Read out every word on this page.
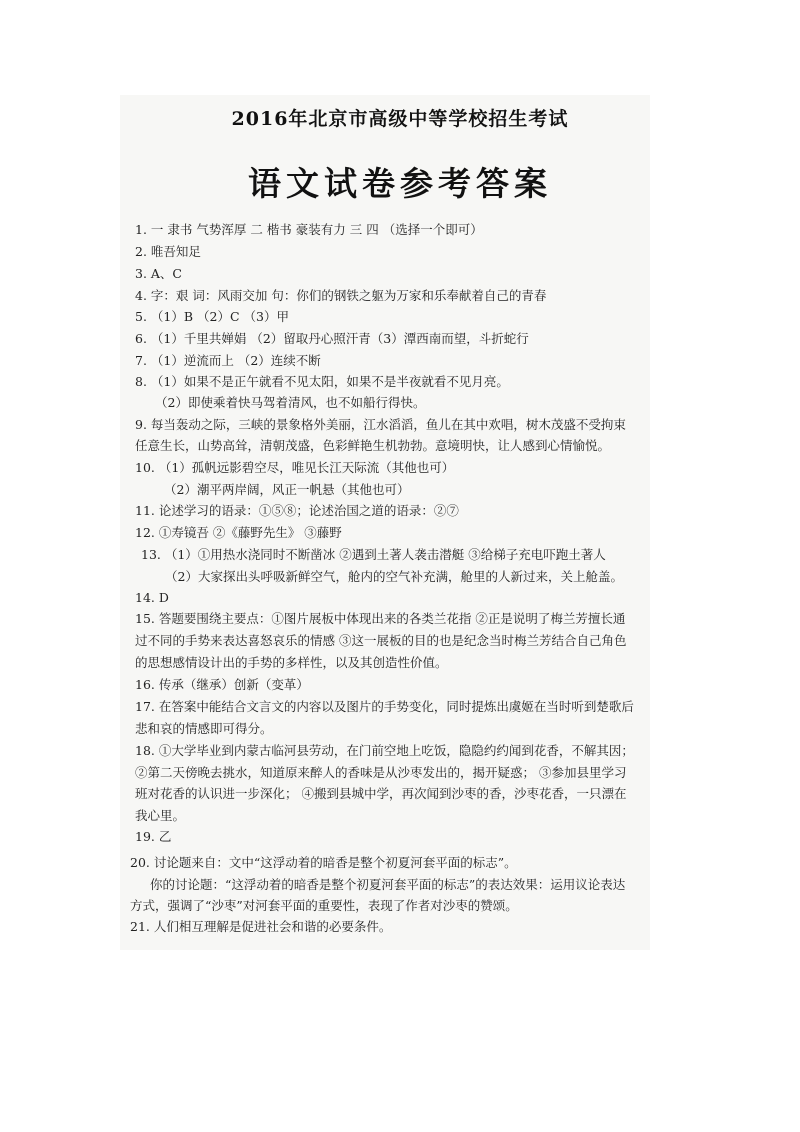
2016年北京市高级中等学校招生考试
语文试卷参考答案
1. 一 隶书 气势浑厚 二 楷书 豪装有力 三 四 （选择一个即可）
2. 唯吾知足
3. A、C
4. 字：艰 词：风雨交加 句：你们的钢铁之躯为万家和乐奉献着自己的青春
5. （1）B （2）C （3）甲
6. （1）千里共婵娟 （2）留取丹心照汗青（3）潭西南而望，斗折蛇行
7. （1）逆流而上 （2）连续不断
8. （1）如果不是正午就看不见太阳，如果不是半夜就看不见月亮。
（2）即使乘着快马驾着清风，也不如船行得快。
9. 每当轰动之际，三峡的景象格外美丽，江水滔滔，鱼儿在其中欢唱，树木茂盛不受拘束
任意生长，山势高耸，清朝茂盛，色彩鲜艳生机勃勃。意境明快，让人感到心情愉悦。
10. （1）孤帆远影碧空尽，唯见长江天际流（其他也可）
（2）潮平两岸阔，风正一帆悬（其他也可）
11. 论述学习的语录：①⑤⑧；论述治国之道的语录：②⑦
12. ①寿镜吾 ②《藤野先生》 ③藤野
13. （1）①用热水浇同时不断凿冰 ②遇到土著人袭击潜艇 ③给梯子充电吓跑土著人
（2）大家探出头呼吸新鲜空气，舱内的空气补充满，舱里的人新过来，关上舱盖。
14. D
15. 答题要围绕主要点：①图片展板中体现出来的各类兰花指 ②正是说明了梅兰芳擅长通
过不同的手势来表达喜怒哀乐的情感 ③这一展板的目的也是纪念当时梅兰芳结合自己角色
的思想感情设计出的手势的多样性，以及其创造性价值。
16. 传承（继承）创新（变革）
17. 在答案中能结合文言文的内容以及图片的手势变化，同时提炼出虞姬在当时听到楚歌后
悲和哀的情感即可得分。
18. ①大学毕业到内蒙古临河县劳动，在门前空地上吃饭，隐隐约约闻到花香，不解其因；
②第二天傍晚去挑水，知道原来醉人的香味是从沙枣发出的，揭开疑惑； ③参加县里学习
班对花香的认识进一步深化； ④搬到县城中学，再次闻到沙枣的香，沙枣花香，一只漂在
我心里。
19. 乙
20. 讨论题来自：文中“这浮动着的暗香是整个初夏河套平面的标志”。
你的讨论题：“这浮动着的暗香是整个初夏河套平面的标志”的表达效果：运用议论表达
方式，强调了“沙枣”对河套平面的重要性，表现了作者对沙枣的赞颂。
21. 人们相互理解是促进社会和谐的必要条件。
